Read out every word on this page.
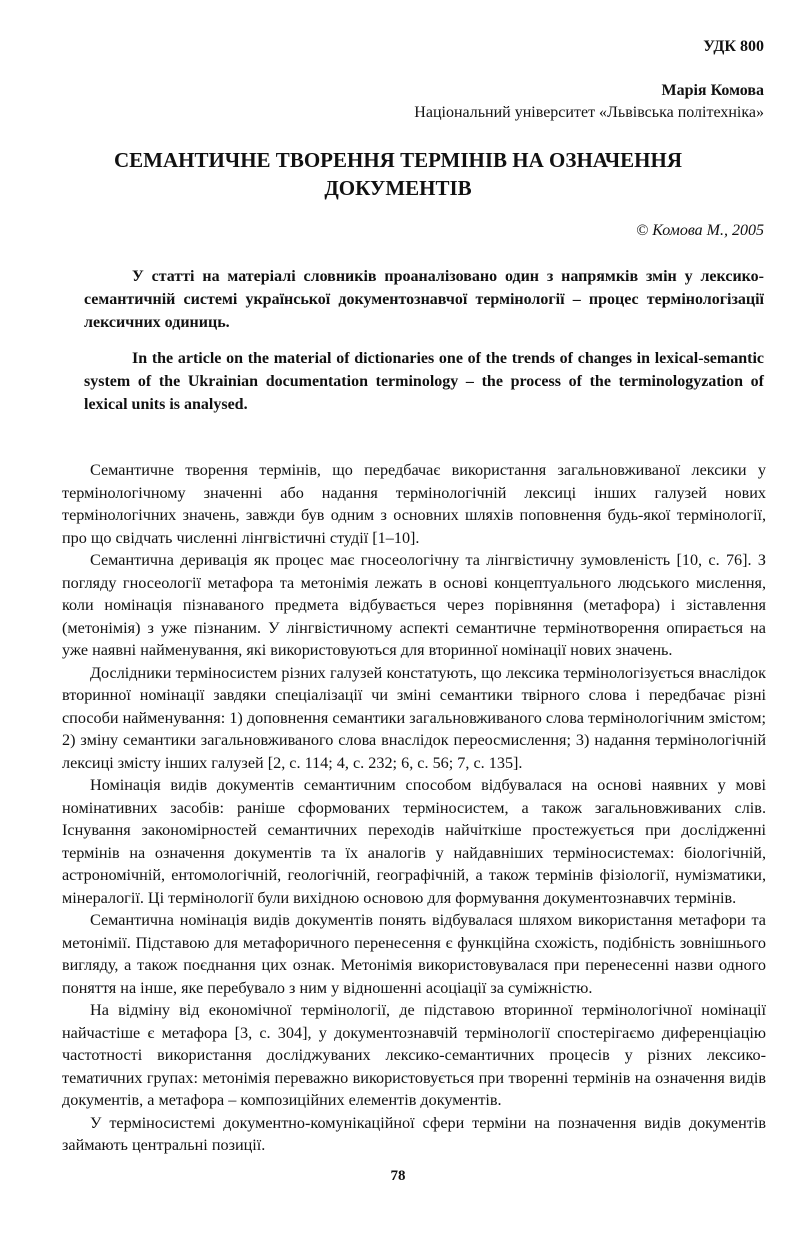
УДК 800
Марія Комова
Національний університет «Львівська політехніка»
СЕМАНТИЧНЕ ТВОРЕННЯ ТЕРМІНІВ НА ОЗНАЧЕННЯ ДОКУМЕНТІВ
© Комова М., 2005
У статті на матеріалі словників проаналізовано один з напрямків змін у лексико-семантичній системі української документознавчої термінології – процес термінологізації лексичних одиниць.
In the article on the material of dictionaries one of the trends of changes in lexical-semantic system of the Ukrainian documentation terminology – the process of the terminologyzation of lexical units is analysed.

Семантичне творення термінів, що передбачає використання загальновживаної лексики у термінологічному значенні або надання термінологічній лексиці інших галузей нових термінологічних значень, завжди був одним з основних шляхів поповнення будь-якої термінології, про що свідчать численні лінгвістичні студії [1–10].

Семантична деривація як процес має гносеологічну та лінгвістичну зумовленість [10, с. 76]. З погляду гносеології метафора та метонімія лежать в основі концептуального людського мислення, коли номінація пізнаваного предмета відбувається через порівняння (метафора) і зіставлення (метонімія) з уже пізнаним. У лінгвістичному аспекті семантичне термінотворення опирається на уже наявні найменування, які використовуються для вторинної номінації нових значень.

Дослідники терміносистем різних галузей констатують, що лексика термінологізується внаслідок вторинної номінації завдяки спеціалізації чи зміні семантики твірного слова і передбачає різні способи найменування: 1) доповнення семантики загальновживаного слова термінологічним змістом; 2) зміну семантики загальновживаного слова внаслідок переосмислення; 3) надання термінологічній лексиці змісту інших галузей [2, с. 114; 4, с. 232; 6, с. 56; 7, с. 135].

Номінація видів документів семантичним способом відбувалася на основі наявних у мові номінативних засобів: раніше сформованих терміносистем, а також загальновживаних слів. Існування закономірностей семантичних переходів найчіткіше простежується при дослідженні термінів на означення документів та їх аналогів у найдавніших терміносистемах: біологічній, астрономічній, ентомологічній, геологічній, географічній, а також термінів фізіології, нумізматики, мінералогії. Ці термінології були вихідною основою для формування документознавчих термінів.

Семантична номінація видів документів понять відбувалася шляхом використання метафори та метонімії. Підставою для метафоричного перенесення є функційна схожість, подібність зовнішнього вигляду, а також поєднання цих ознак. Метонімія використовувалася при перенесенні назви одного поняття на інше, яке перебувало з ним у відношенні асоціації за суміжністю.

На відміну від економічної термінології, де підставою вторинної термінологічної номінації найчастіше є метафора [3, с. 304], у документознавчій термінології спостерігаємо диференціацію частотності використання досліджуваних лексико-семантичних процесів у різних лексико-тематичних групах: метонімія переважно використовується при творенні термінів на означення видів документів, а метафора – композиційних елементів документів.

У терміносистемі документно-комунікаційної сфери терміни на позначення видів документів займають центральні позиції.

78
